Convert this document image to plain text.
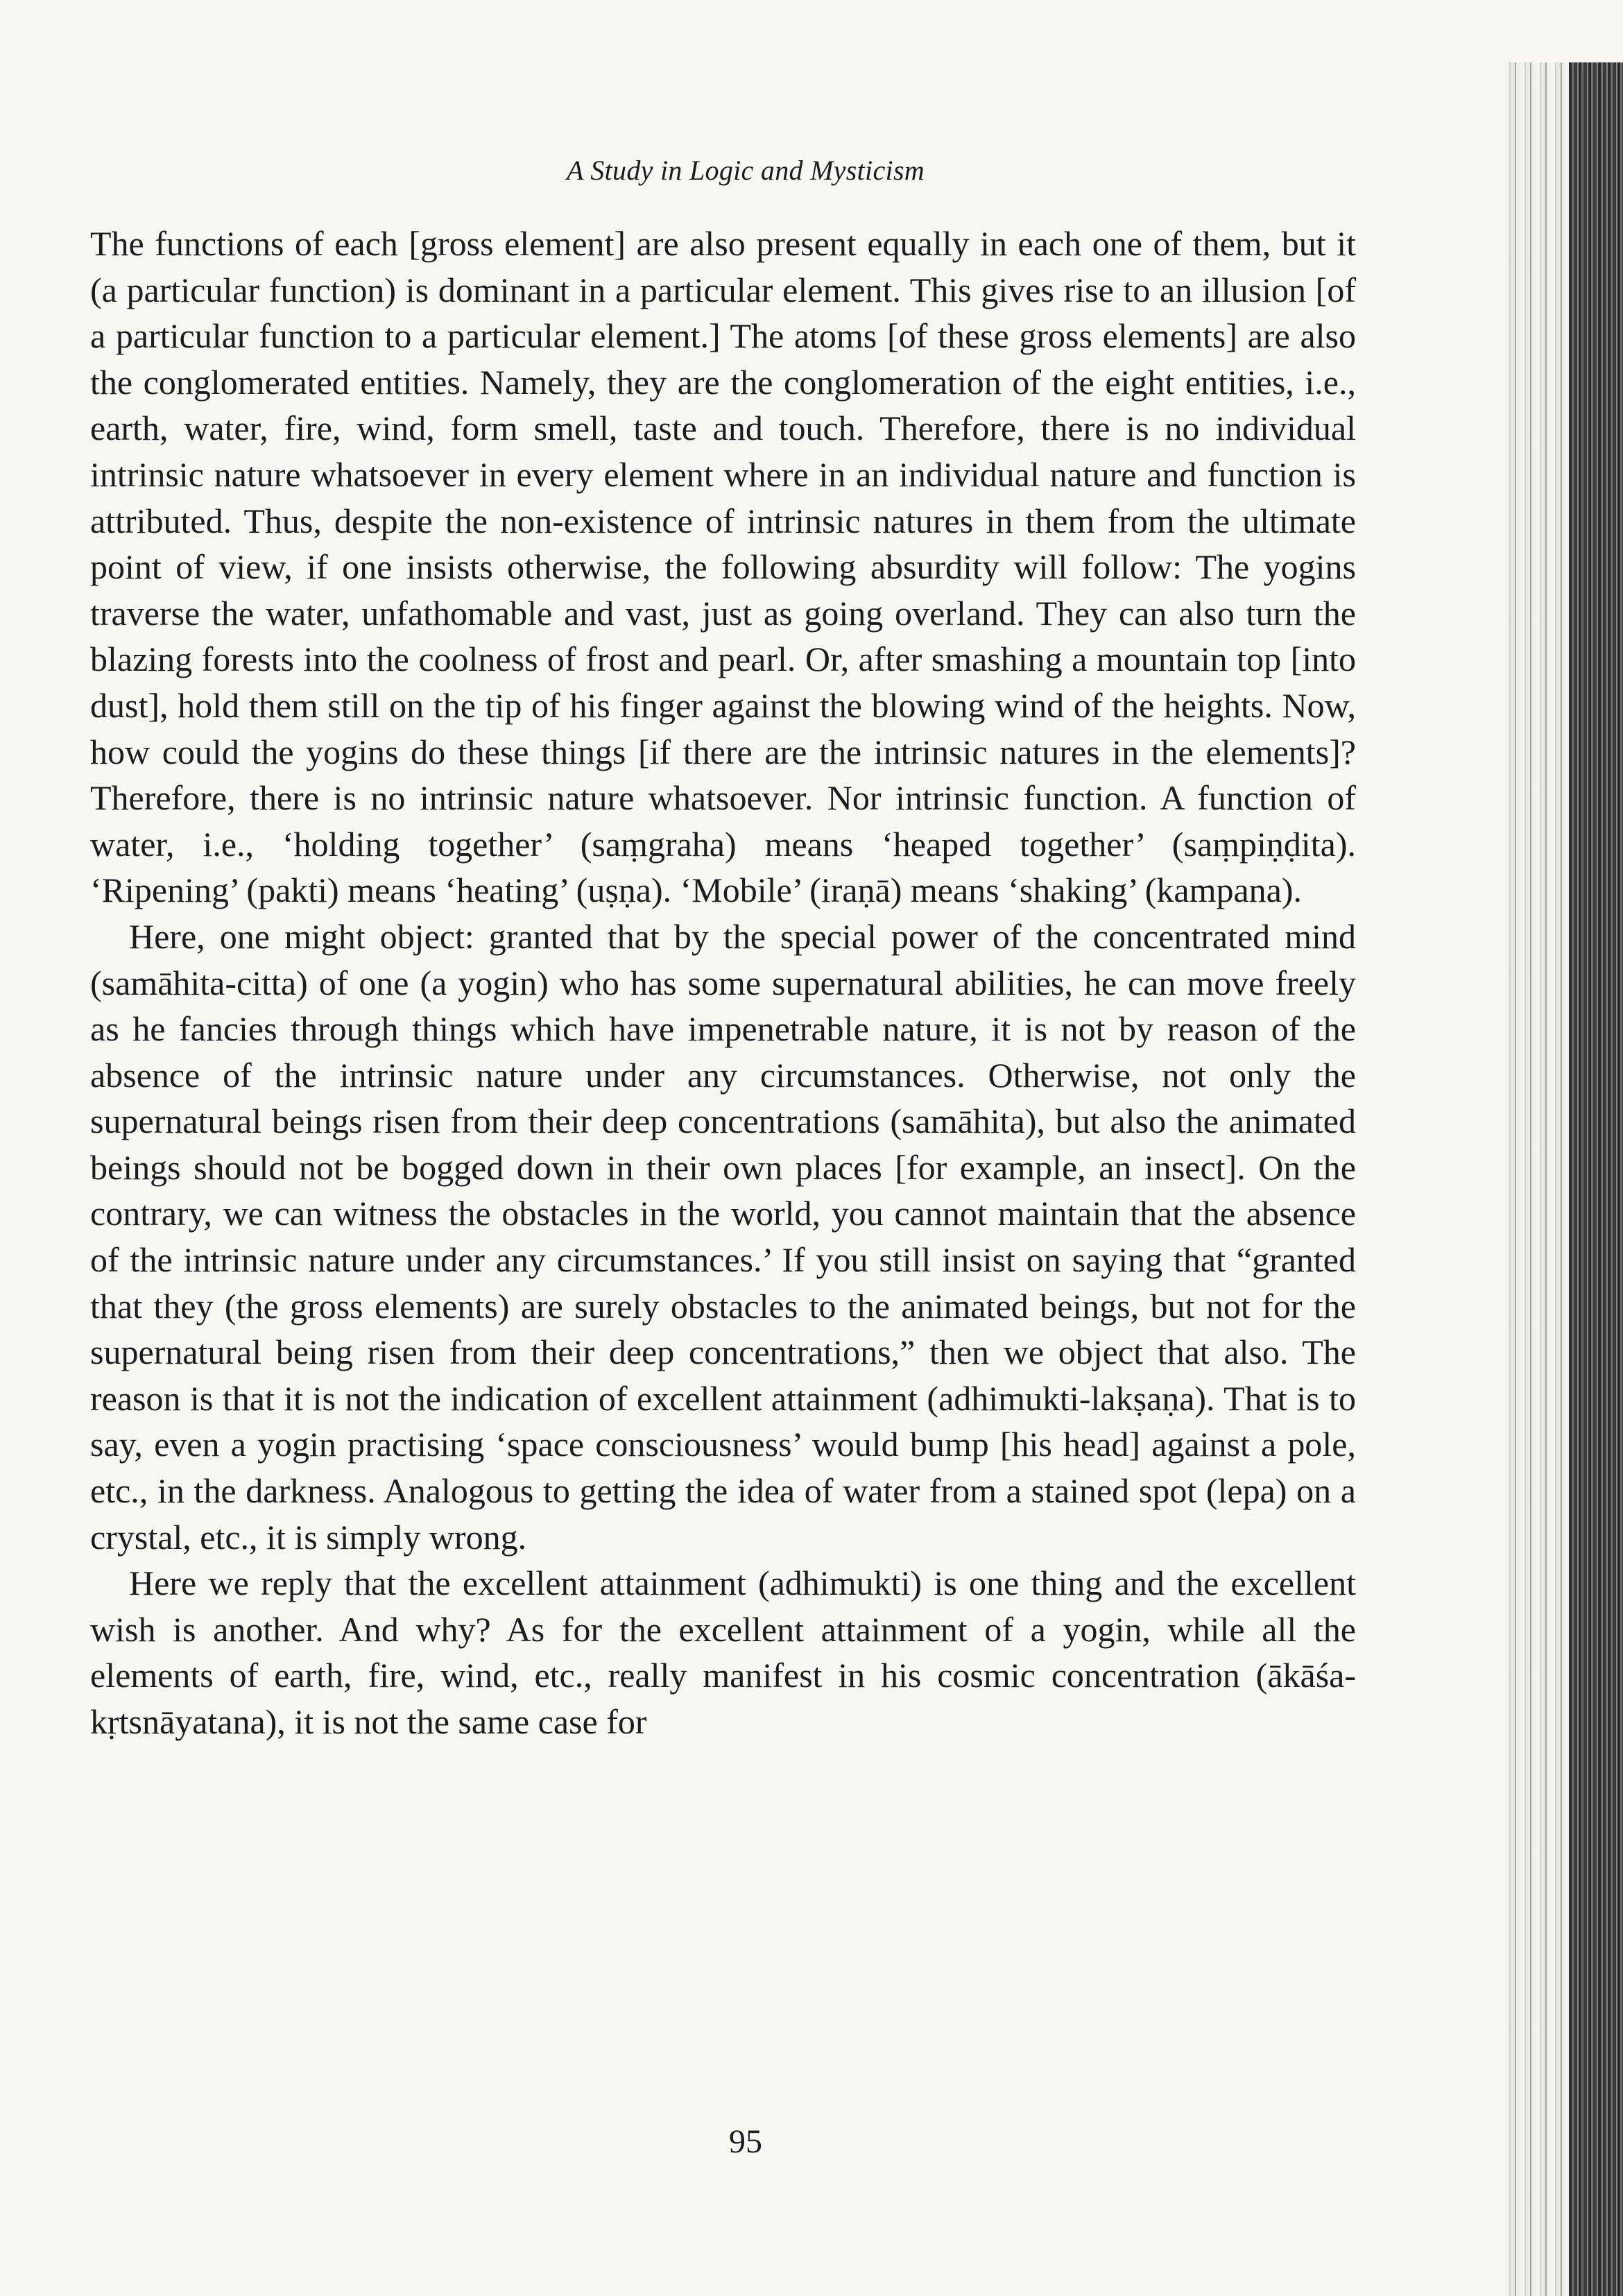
A Study in Logic and Mysticism

The functions of each [gross element] are also present equally in each one of them, but it (a particular function) is dominant in a particular element. This gives rise to an illusion [of a particular function to a particular element.] The atoms [of these gross elements] are also the conglomerated entities. Namely, they are the conglomeration of the eight entities, i.e., earth, water, fire, wind, form smell, taste and touch. Therefore, there is no individual intrinsic nature whatsoever in every element where in an individual nature and function is attributed. Thus, despite the non-existence of intrinsic natures in them from the ultimate point of view, if one insists otherwise, the following absurdity will follow: The yogins traverse the water, unfathomable and vast, just as going overland. They can also turn the blazing forests into the coolness of frost and pearl. Or, after smashing a mountain top [into dust], hold them still on the tip of his finger against the blowing wind of the heights. Now, how could the yogins do these things [if there are the intrinsic natures in the elements]? Therefore, there is no intrinsic nature whatsoever. Nor intrinsic function. A function of water, i.e., ‘holding together’ (saṃgraha) means ‘heaped together’ (saṃpiṇḍita). ‘Ripening’ (pakti) means ‘heating’ (uṣṇa). ‘Mobile’ (iraṇā) means ‘shaking’ (kampana).

Here, one might object: granted that by the special power of the concentrated mind (samāhita-citta) of one (a yogin) who has some supernatural abilities, he can move freely as he fancies through things which have impenetrable nature, it is not by reason of the absence of the intrinsic nature under any circumstances. Otherwise, not only the supernatural beings risen from their deep concentrations (samāhita), but also the animated beings should not be bogged down in their own places [for example, an insect]. On the contrary, we can witness the obstacles in the world, you cannot maintain that the absence of the intrinsic nature under any circumstances.’ If you still insist on saying that “granted that they (the gross elements) are surely obstacles to the animated beings, but not for the supernatural being risen from their deep concentrations,” then we object that also. The reason is that it is not the indication of excellent attainment (adhimukti-lakṣaṇa). That is to say, even a yogin practising ‘space consciousness’ would bump [his head] against a pole, etc., in the darkness. Analogous to getting the idea of water from a stained spot (lepa) on a crystal, etc., it is simply wrong.

Here we reply that the excellent attainment (adhimukti) is one thing and the excellent wish is another. And why? As for the excellent attainment of a yogin, while all the elements of earth, fire, wind, etc., really manifest in his cosmic concentration (ākāśa-kṛtsnāyatana), it is not the same case for

95
